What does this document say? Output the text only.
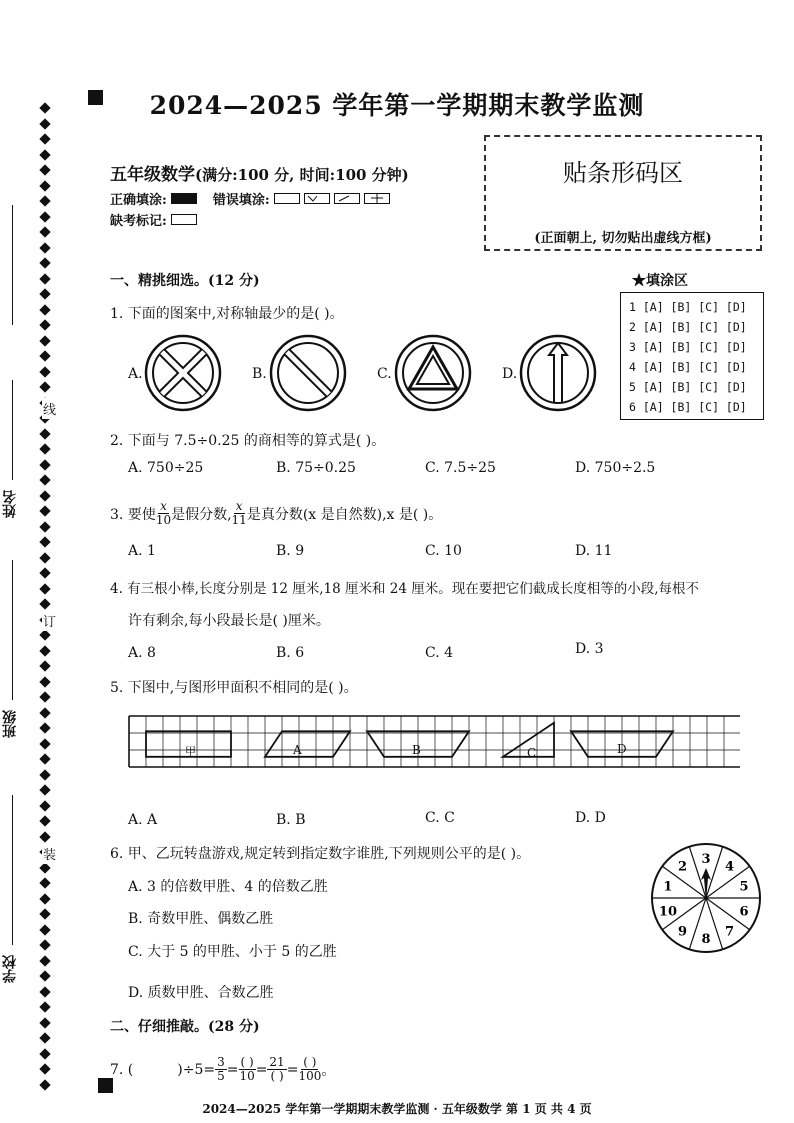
线
订
装
姓名
班级
学校
2024—2025 学年第一学期期末教学监测
五年级数学(满分:100 分, 时间:100 分钟)
正确填涂:	错误填涂:
缺考标记:
贴条形码区
(正面朝上, 切勿贴出虚线方框)
一、精挑细选。(12 分)	★填涂区
1 [A] [B] [C] [D]
2 [A] [B] [C] [D]
3 [A] [B] [C] [D]
4 [A] [B] [C] [D]
5 [A] [B] [C] [D]
6 [A] [B] [C] [D]
1. 下面的图案中,对称轴最少的是( )。
A.	B.	C.	D.
2. 下面与 7.5÷0.25 的商相等的算式是( )。
A. 750÷25	B. 75÷0.25	C. 7.5÷25	D. 750÷2.5
3. 要使 $\frac{x}{10}$ 是假分数, $\frac{x}{11}$ 是真分数(x 是自然数),x 是( )。
A. 1	B. 9	C. 10	D. 11
4. 有三根小棒,长度分别是 12 厘米,18 厘米和 24 厘米。现在要把它们截成长度相等的小段,每根不
许有剩余,每小段最长是( )厘米。
A. 8	B. 6	C. 4	D. 3
5. 下图中,与图形甲面积不相同的是( )。
甲	A	B	C	D
A. A	B. B	C. C	D. D
6. 甲、乙玩转盘游戏,规定转到指定数字谁胜,下列规则公平的是( )。
A. 3 的倍数甲胜、4 的倍数乙胜
B. 奇数甲胜、偶数乙胜
C. 大于 5 的甲胜、小于 5 的乙胜
D. 质数甲胜、合数乙胜
3
4
5
6
7
8
9
10
1
2
二、仔细推敲。(28 分)
7. (	)$\div 5= \frac{3}{5} = \frac{( )}{10} = \frac{21}{( )} = \frac{( )}{100}$ 。
2024—2025 学年第一学期期末教学监测 · 五年级数学 第 1 页 共 4 页
